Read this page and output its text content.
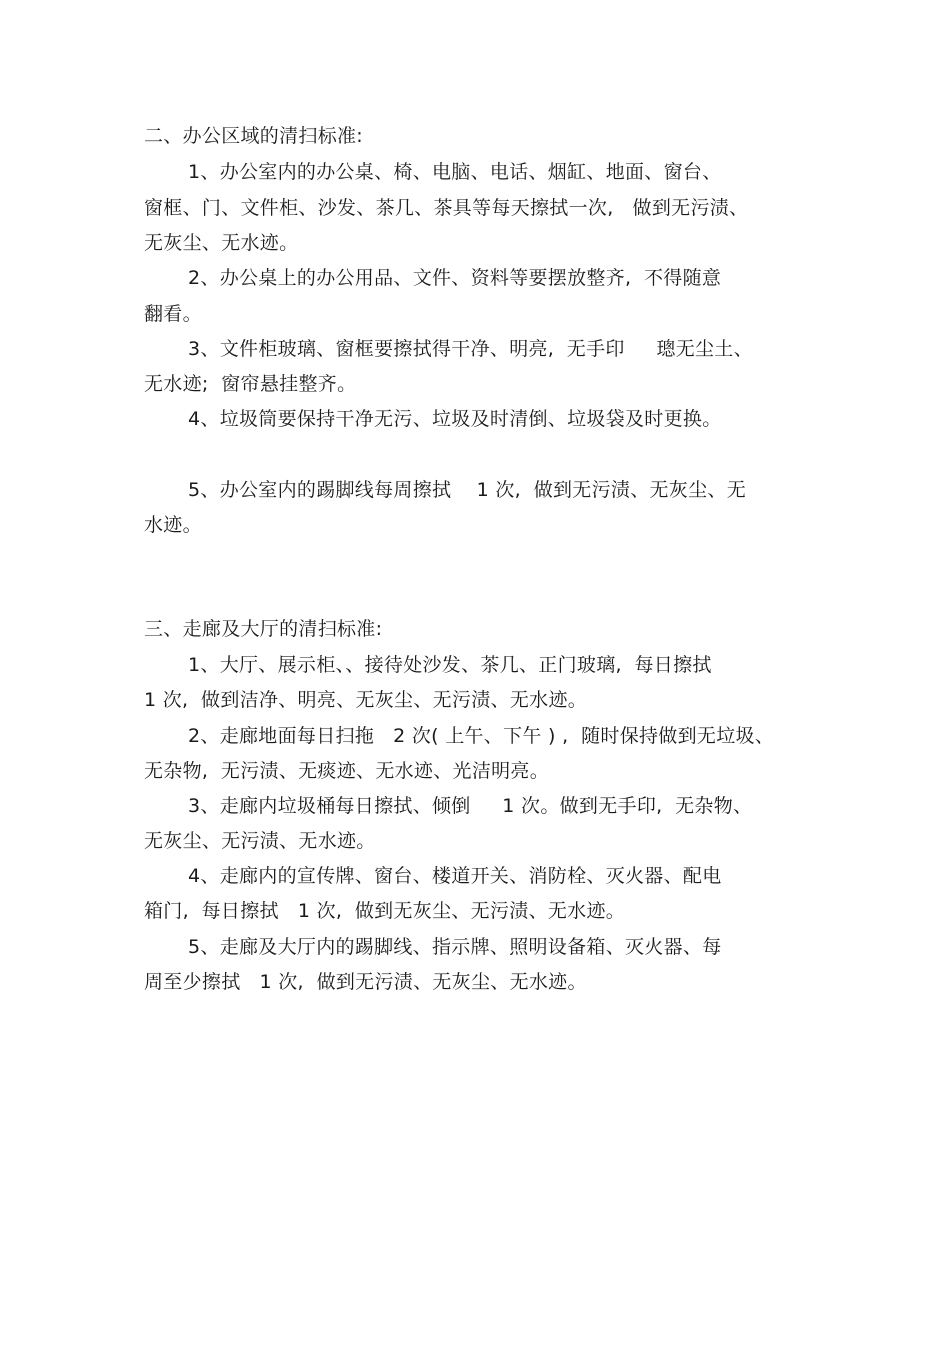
二、办公区域的清扫标准:
1、办公室内的办公桌、椅、电脑、电话、烟缸、地面、窗台、
窗框、门、文件柜、沙发、茶几、茶具等每天擦拭一次,   做到无污渍、
无灰尘、无水迹。
2、办公桌上的办公用品、文件、资料等要摆放整齐,  不得随意
翻看。
3、文件柜玻璃、窗框要擦拭得干净、明亮,  无手印     璁无尘土、
无水迹;  窗帘悬挂整齐。
4、垃圾筒要保持干净无污、垃圾及时清倒、垃圾袋及时更换。
5、办公室内的踢脚线每周擦拭    1 次,  做到无污渍、无灰尘、无
水迹。
三、走廊及大厅的清扫标准:
1、大厅、展示柜、、接待处沙发、茶几、正门玻璃,  每日擦拭
1 次,  做到洁净、明亮、无灰尘、无污渍、无水迹。
2、走廊地面每日扫拖   2 次( 上午、下午 ) ,  随时保持做到无垃圾、
无杂物,  无污渍、无痰迹、无水迹、光洁明亮。
3、走廊内垃圾桶每日擦拭、倾倒     1 次。做到无手印,  无杂物、
无灰尘、无污渍、无水迹。
4、走廊内的宣传牌、窗台、楼道开关、消防栓、灭火器、配电
箱门,  每日擦拭   1 次,  做到无灰尘、无污渍、无水迹。
5、走廊及大厅内的踢脚线、指示牌、照明设备箱、灭火器、每
周至少擦拭   1 次,  做到无污渍、无灰尘、无水迹。
